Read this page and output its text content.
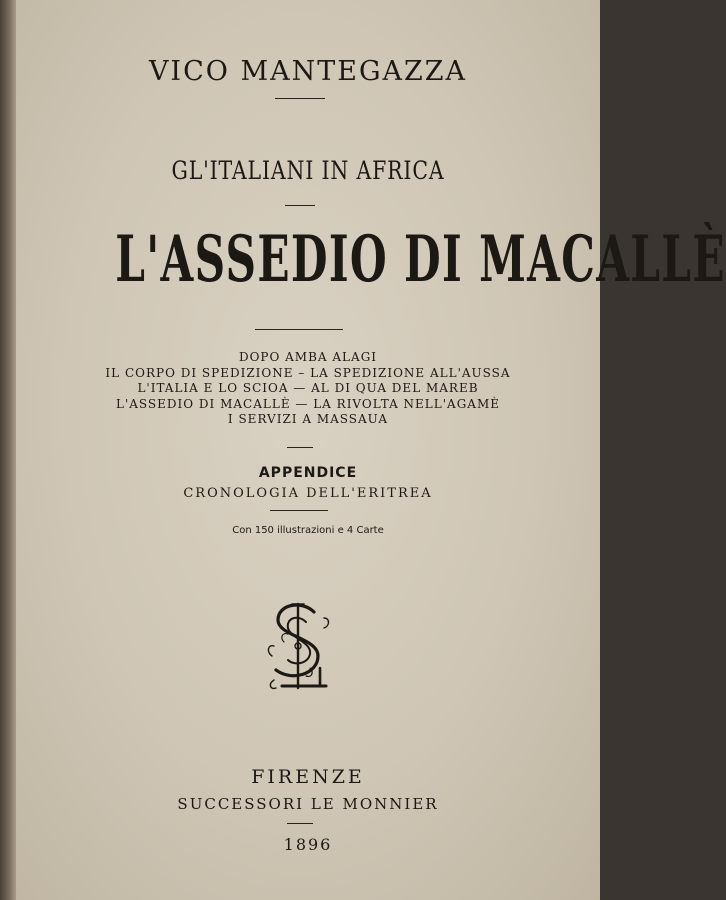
VICO MANTEGAZZA
GL'ITALIANI IN AFRICA
L'ASSEDIO DI MACALLÈ
DOPO AMBA ALAGI
IL CORPO DI SPEDIZIONE – LA SPEDIZIONE ALL'AUSSA
L'ITALIA E LO SCIOA — AL DI QUA DEL MAREB
L'ASSEDIO DI MACALLÈ — LA RIVOLTA NELL'AGAMÈ
I SERVIZI A MASSAUA
APPENDICE
CRONOLOGIA DELL'ERITREA
Con 150 illustrazioni e 4 Carte
FIRENZE
SUCCESSORI LE MONNIER
1896
